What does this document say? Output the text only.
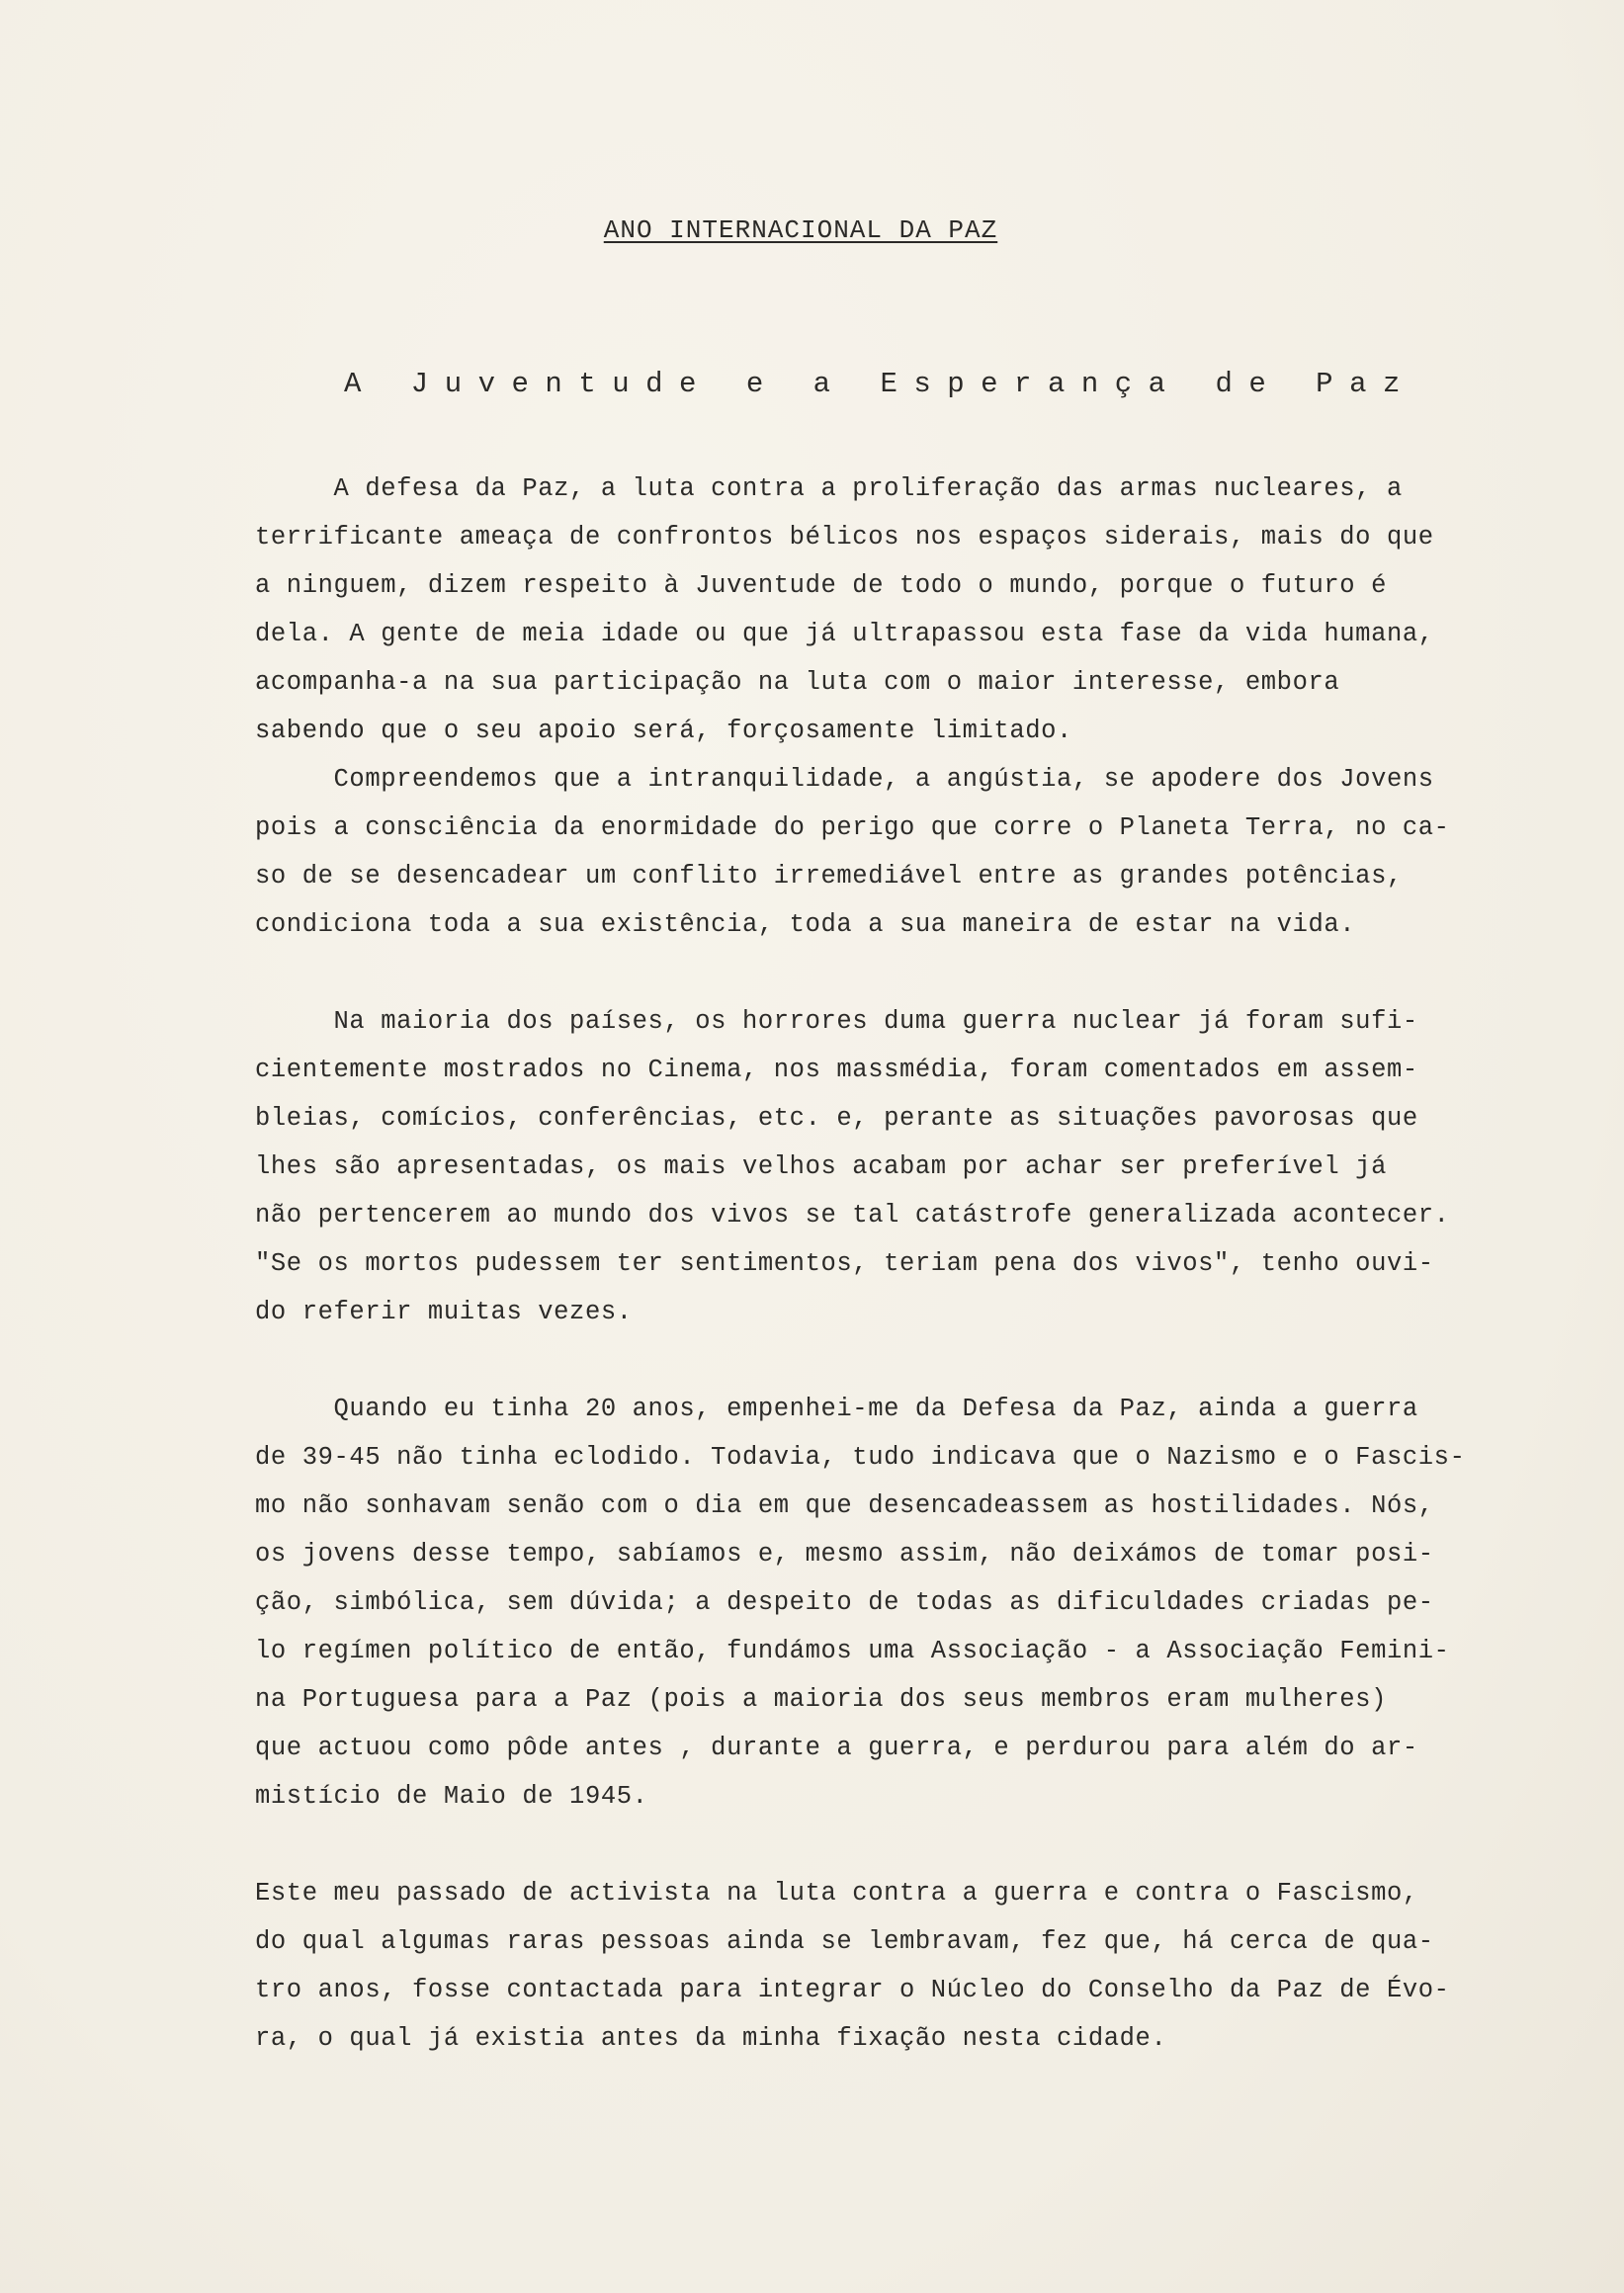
ANO INTERNACIONAL DA PAZ
A Juventude e a Esperança de Paz
A defesa da Paz, a luta contra a proliferação das armas nucleares, a
terrificante ameaça de confrontos bélicos nos espaços siderais, mais do que
a ninguem, dizem respeito à Juventude de todo o mundo, porque o futuro é
dela. A gente de meia idade ou que já ultrapassou esta fase da vida humana,
acompanha-a na sua participação na luta com o maior interesse, embora
sabendo que o seu apoio será, forçosamente limitado.
Compreendemos que a intranquilidade, a angústia, se apodere dos Jovens
pois a consciência da enormidade do perigo que corre o Planeta Terra, no ca-
so de se desencadear um conflito irremediável entre as grandes potências,
condiciona toda a sua existência, toda a sua maneira de estar na vida.
Na maioria dos países, os horrores duma guerra nuclear já foram sufi-
cientemente mostrados no Cinema, nos massmédia, foram comentados em assem-
bleias, comícios, conferências, etc. e, perante as situações pavorosas que
lhes são apresentadas, os mais velhos acabam por achar ser preferível já
não pertencerem ao mundo dos vivos se tal catástrofe generalizada acontecer.
"Se os mortos pudessem ter sentimentos, teriam pena dos vivos", tenho ouvi-
do referir muitas vezes.
Quando eu tinha 20 anos, empenhei-me da Defesa da Paz, ainda a guerra
de 39-45 não tinha eclodido. Todavia, tudo indicava que o Nazismo e o Fascis-
mo não sonhavam senão com o dia em que desencadeassem as hostilidades. Nós,
os jovens desse tempo, sabíamos e, mesmo assim, não deixámos de tomar posi-
ção, simbólica, sem dúvida; a despeito de todas as dificuldades criadas pe-
lo regímen político de então, fundámos uma Associação - a Associação Femini-
na Portuguesa para a Paz (pois a maioria dos seus membros eram mulheres)
que actuou como pôde antes , durante a guerra, e perdurou para além do ar-
mistício de Maio de 1945.
Este meu passado de activista na luta contra a guerra e contra o Fascismo,
do qual algumas raras pessoas ainda se lembravam, fez que, há cerca de qua-
tro anos, fosse contactada para integrar o Núcleo do Conselho da Paz de Évo-
ra, o qual já existia antes da minha fixação nesta cidade.
